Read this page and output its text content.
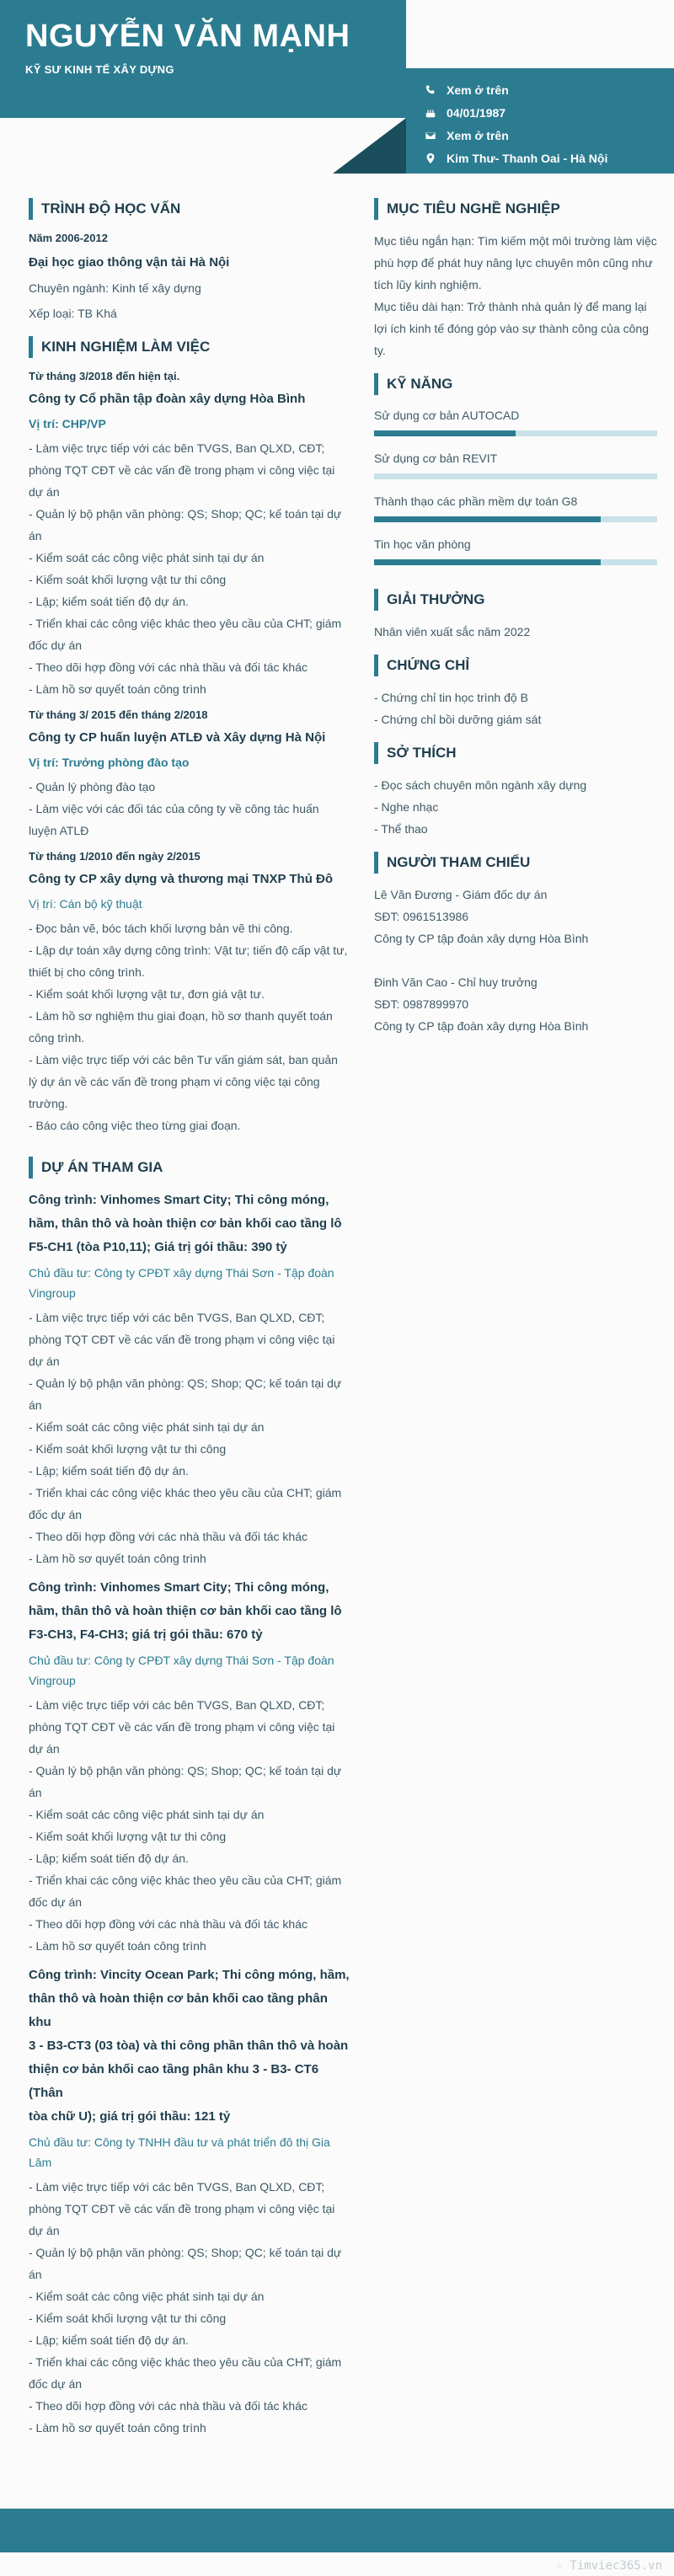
NGUYỄN VĂN MẠNH
KỸ SƯ KINH TẾ XÂY DỰNG
Xem ở trên
04/01/1987
Xem ở trên
Kim Thư- Thanh Oai - Hà Nội
TRÌNH ĐỘ HỌC VẤN
Năm 2006-2012
Đại học giao thông vận tải Hà Nội
Chuyên ngành: Kinh tế xây dựng
Xếp loại: TB Khá
KINH NGHIỆM LÀM VIỆC
Từ tháng 3/2018 đến hiện tại.
Công ty Cổ phần tập đoàn xây dựng Hòa Bình
Vị trí: CHP/VP
- Làm việc trực tiếp với các bên TVGS, Ban QLXD, CĐT;
phòng TQT CĐT về các vấn đề trong phạm vi công việc tại
dự án
- Quản lý bộ phận văn phòng: QS; Shop; QC; kế toán tại dự
án
- Kiểm soát các công việc phát sinh tại dự án
- Kiểm soát khối lượng vật tư thi công
- Lập; kiểm soát tiến độ dự án.
- Triển khai các công việc khác theo yêu cầu của CHT; giám
đốc dự án
- Theo dõi hợp đồng với các nhà thầu và đối tác khác
- Làm hồ sơ quyết toán công trình
Từ tháng 3/ 2015 đến tháng 2/2018
Công ty CP huấn luyện ATLĐ và Xây dựng Hà Nội
Vị trí: Trưởng phòng đào tạo
- Quản lý phòng đào tạo
- Làm việc với các đối tác của công ty về công tác huấn
luyện ATLĐ
Từ tháng 1/2010 đến ngày 2/2015
Công ty CP xây dựng và thương mại TNXP Thủ Đô
Vị trí: Cán bộ kỹ thuật
- Đọc bản vẽ, bóc tách khối lượng bản vẽ thi công.
- Lập dự toán xây dựng công trình: Vật tư; tiến độ cấp vật tư,
thiết bị cho công trình.
- Kiểm soát khối lượng vật tư, đơn giá vật tư.
- Làm hồ sơ nghiệm thu giai đoạn, hồ sơ thanh quyết toán
công trình.
- Làm việc trực tiếp với các bên Tư vấn giám sát, ban quản
lý dự án về các vấn đề trong phạm vi công việc tại công
trường.
- Báo cáo công việc theo từng giai đoạn.
DỰ ÁN THAM GIA
Công trình: Vinhomes Smart City; Thi công móng,
hầm, thân thô và hoàn thiện cơ bản khối cao tầng lô
F5-CH1 (tòa P10,11); Giá trị gói thầu: 390 tỷ
Chủ đầu tư: Công ty CPĐT xây dựng Thái Sơn - Tập đoàn
Vingroup
- Làm việc trực tiếp với các bên TVGS, Ban QLXD, CĐT;
phòng TQT CĐT về các vấn đề trong phạm vi công việc tại
dự án
- Quản lý bộ phận văn phòng: QS; Shop; QC; kế toán tại dự
án
- Kiểm soát các công việc phát sinh tại dự án
- Kiểm soát khối lượng vật tư thi công
- Lập; kiểm soát tiến độ dự án.
- Triển khai các công việc khác theo yêu cầu của CHT; giám
đốc dự án
- Theo dõi hợp đồng với các nhà thầu và đối tác khác
- Làm hồ sơ quyết toán công trình
Công trình: Vinhomes Smart City; Thi công móng,
hầm, thân thô và hoàn thiện cơ bản khối cao tầng lô
F3-CH3, F4-CH3; giá trị gói thầu: 670 tỷ
Chủ đầu tư: Công ty CPĐT xây dựng Thái Sơn - Tập đoàn
Vingroup
- Làm việc trực tiếp với các bên TVGS, Ban QLXD, CĐT;
phòng TQT CĐT về các vấn đề trong phạm vi công việc tại
dự án
- Quản lý bộ phận văn phòng: QS; Shop; QC; kế toán tại dự
án
- Kiểm soát các công việc phát sinh tại dự án
- Kiểm soát khối lượng vật tư thi công
- Lập; kiểm soát tiến độ dự án.
- Triển khai các công việc khác theo yêu cầu của CHT; giám
đốc dự án
- Theo dõi hợp đồng với các nhà thầu và đối tác khác
- Làm hồ sơ quyết toán công trình
Công trình: Vincity Ocean Park; Thi công móng, hầm,
thân thô và hoàn thiện cơ bản khối cao tầng phân khu
3 - B3-CT3 (03 tòa) và thi công phần thân thô và hoàn
thiện cơ bản khối cao tầng phân khu 3 - B3- CT6 (Thân
tòa chữ U); giá trị gói thầu: 121 tỷ
Chủ đầu tư: Công ty TNHH đầu tư và phát triển đô thị Gia
Lâm
- Làm việc trực tiếp với các bên TVGS, Ban QLXD, CĐT;
phòng TQT CĐT về các vấn đề trong phạm vi công việc tại
dự án
- Quản lý bộ phận văn phòng: QS; Shop; QC; kế toán tại dự
án
- Kiểm soát các công việc phát sinh tại dự án
- Kiểm soát khối lượng vật tư thi công
- Lập; kiểm soát tiến độ dự án.
- Triển khai các công việc khác theo yêu cầu của CHT; giám
đốc dự án
- Theo dõi hợp đồng với các nhà thầu và đối tác khác
- Làm hồ sơ quyết toán công trình
MỤC TIÊU NGHỀ NGHIỆP
Mục tiêu ngắn hạn: Tìm kiếm một môi trường làm việc
phù hợp để phát huy năng lực chuyên môn cũng như
tích lũy kinh nghiệm.
Mục tiêu dài hạn: Trở thành nhà quản lý để mang lại
lợi ích kinh tế đóng góp vào sự thành công của công
ty.
KỸ NĂNG
Sử dụng cơ bản AUTOCAD
Sử dụng cơ bản REVIT
Thành thạo các phần mềm dự toán G8
Tin học văn phòng
GIẢI THƯỞNG
Nhân viên xuất sắc năm 2022
CHỨNG CHỈ
- Chứng chỉ tin học trình độ B
- Chứng chỉ bồi dưỡng giám sát
SỞ THÍCH
- Đọc sách chuyên môn ngành xây dựng
- Nghe nhạc
- Thể thao
NGƯỜI THAM CHIẾU
Lê Văn Đương - Giám đốc dự án
SĐT: 0961513986
Công ty CP tập đoàn xây dựng Hòa Bình
Đinh Văn Cao - Chỉ huy trưởng
SĐT: 0987899970
Công ty CP tập đoàn xây dựng Hòa Bình
☆ Timviec365.vn
